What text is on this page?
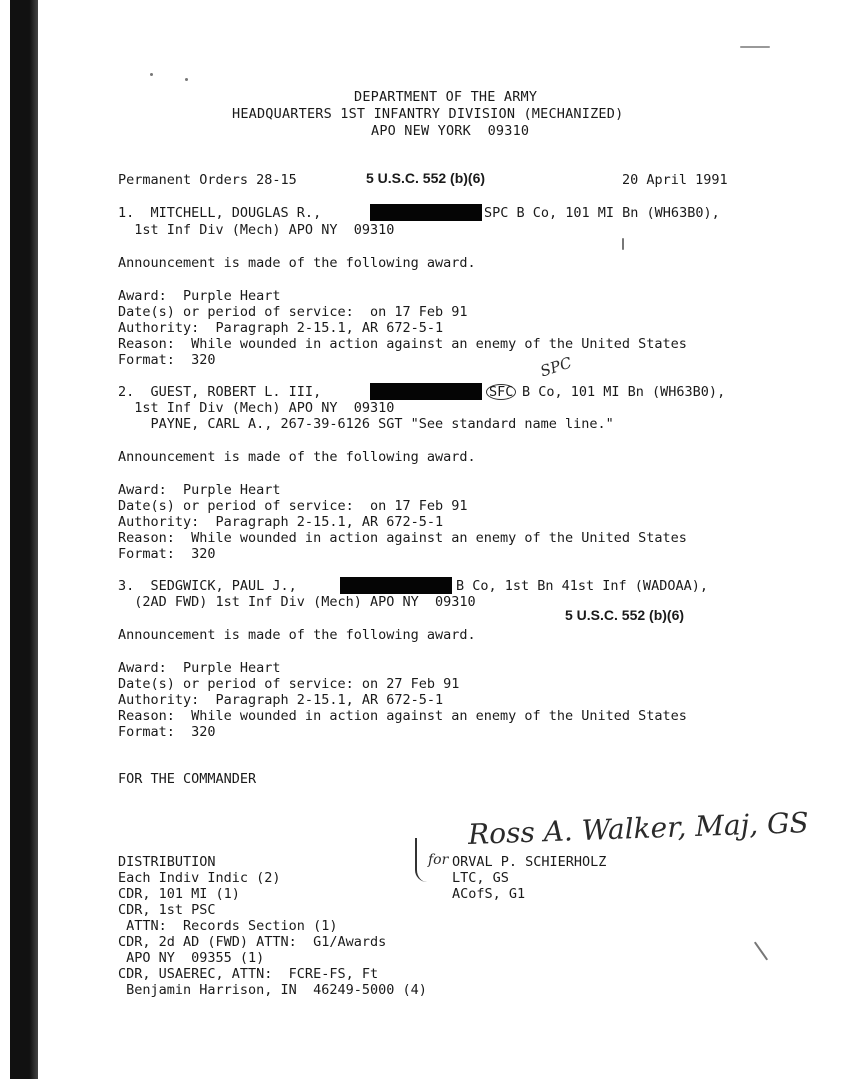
DEPARTMENT OF THE ARMY
HEADQUARTERS 1ST INFANTRY DIVISION (MECHANIZED)
APO NEW YORK  09310
Permanent Orders 28-15	5 U.S.C. 552 (b)(6)	20 April 1991
1.  MITCHELL, DOUGLAS R.,	SPC B Co, 101 MI Bn (WH63B0),
1st Inf Div (Mech) APO NY  09310
Announcement is made of the following award.
Award:  Purple Heart
Date(s) or period of service:  on 17 Feb 91
Authority:  Paragraph 2-15.1, AR 672-5-1
Reason:  While wounded in action against an enemy of the United States
Format:  320	SPC
2.  GUEST, ROBERT L. III,	SFC B Co, 101 MI Bn (WH63B0),
1st Inf Div (Mech) APO NY  09310
PAYNE, CARL A., 267-39-6126 SGT "See standard name line."
Announcement is made of the following award.
Award:  Purple Heart
Date(s) or period of service:  on 17 Feb 91
Authority:  Paragraph 2-15.1, AR 672-5-1
Reason:  While wounded in action against an enemy of the United States
Format:  320
3.  SEDGWICK, PAUL J.,	B Co, 1st Bn 41st Inf (WADOAA),
(2AD FWD) 1st Inf Div (Mech) APO NY  09310
5 U.S.C. 552 (b)(6)
Announcement is made of the following award.
Award:  Purple Heart
Date(s) or period of service: on 27 Feb 91
Authority:  Paragraph 2-15.1, AR 672-5-1
Reason:  While wounded in action against an enemy of the United States
Format:  320
FOR THE COMMANDER
Ross A. Walker, Maj, GS
for ORVAL P. SCHIERHOLZ
LTC, GS
ACofS, G1
DISTRIBUTION
Each Indiv Indic (2)
CDR, 101 MI (1)
CDR, 1st PSC
ATTN:  Records Section (1)
CDR, 2d AD (FWD) ATTN:  G1/Awards
APO NY  09355 (1)
CDR, USAEREC, ATTN:  FCRE-FS, Ft
Benjamin Harrison, IN  46249-5000 (4)
